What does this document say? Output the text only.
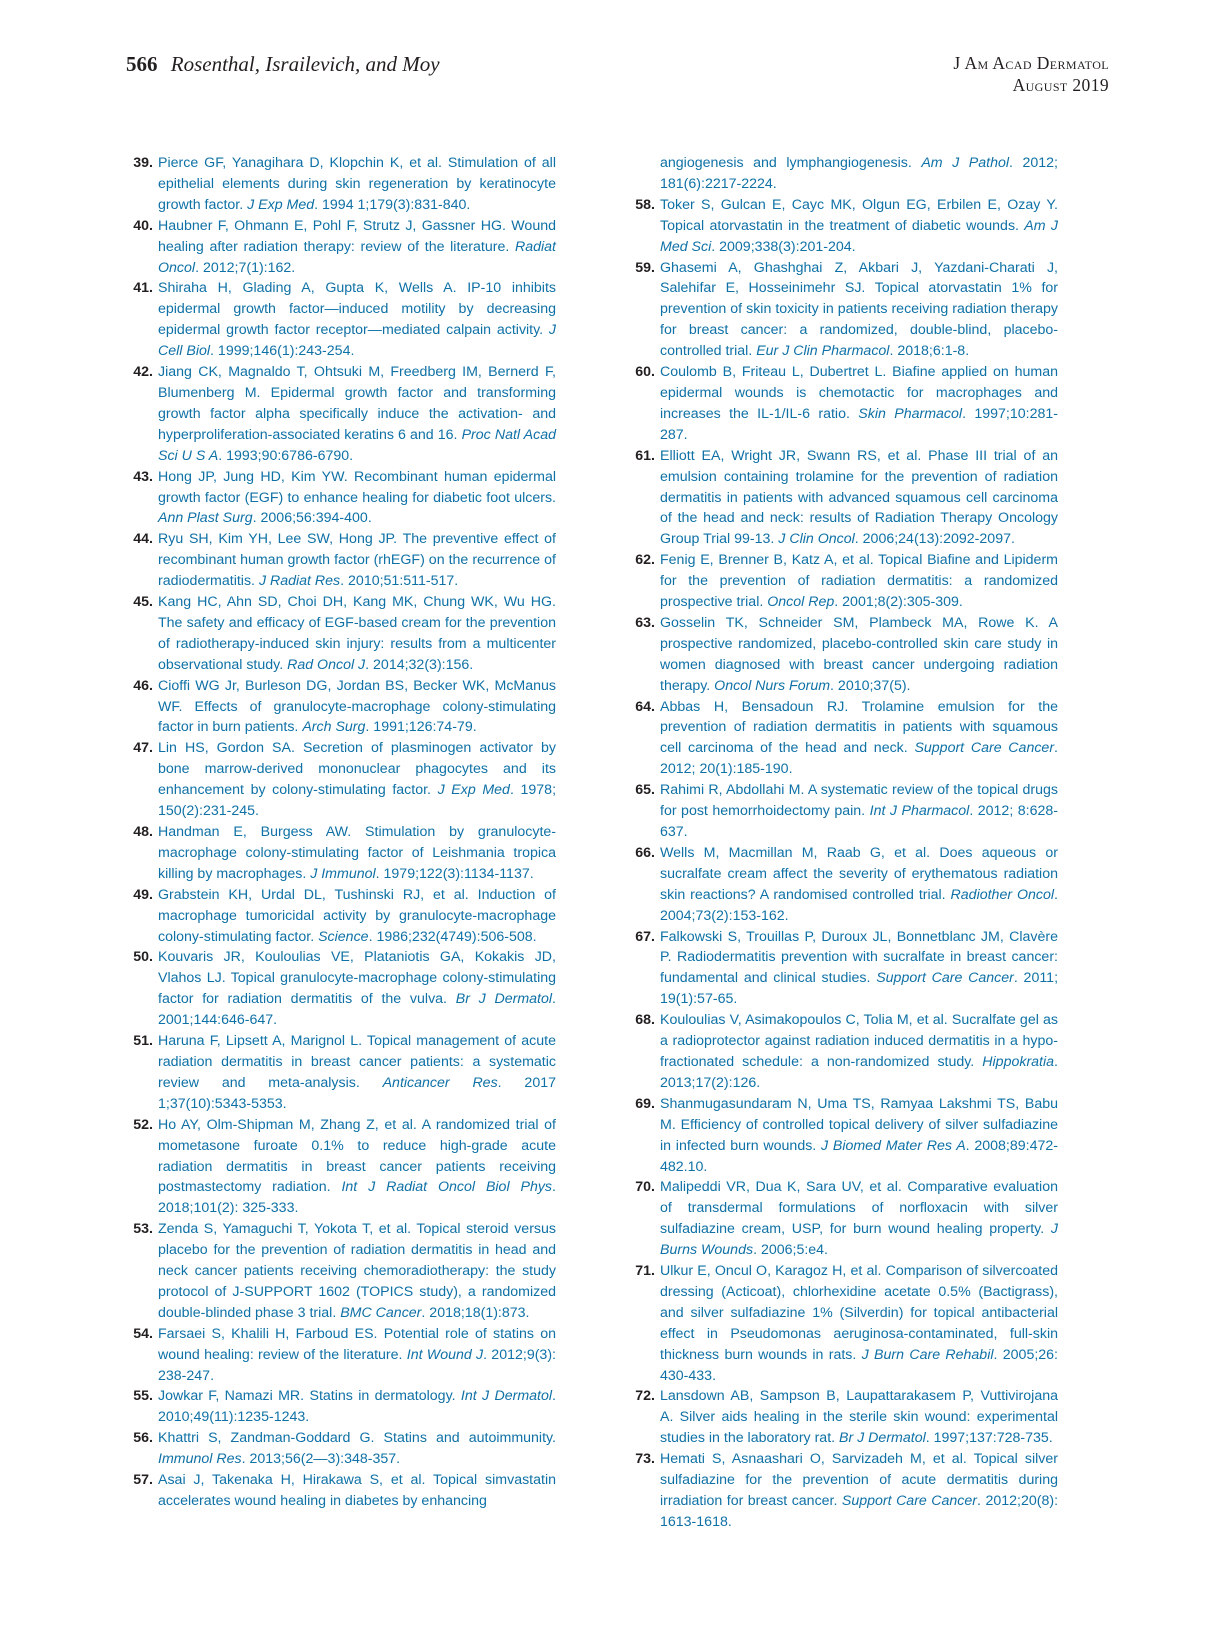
566 Rosenthal, Israilevich, and Moy	J Am Acad Dermatol
August 2019

39. Pierce GF, Yanagihara D, Klopchin K, et al. Stimulation of all epithelial elements during skin regeneration by keratinocyte growth factor. J Exp Med. 1994 1;179(3):831-840.

40. Haubner F, Ohmann E, Pohl F, Strutz J, Gassner HG. Wound healing after radiation therapy: review of the literature. Radiat Oncol. 2012;7(1):162.

41. Shiraha H, Glading A, Gupta K, Wells A. IP-10 inhibits epidermal growth factor—induced motility by decreasing epidermal growth factor receptor—mediated calpain activity. J Cell Biol. 1999;146(1):243-254.

42. Jiang CK, Magnaldo T, Ohtsuki M, Freedberg IM, Bernerd F, Blumenberg M. Epidermal growth factor and transforming growth factor alpha specifically induce the activation- and hyperproliferation-associated keratins 6 and 16. Proc Natl Acad Sci U S A. 1993;90:6786-6790.

43. Hong JP, Jung HD, Kim YW. Recombinant human epidermal growth factor (EGF) to enhance healing for diabetic foot ulcers. Ann Plast Surg. 2006;56:394-400.

44. Ryu SH, Kim YH, Lee SW, Hong JP. The preventive effect of recombinant human growth factor (rhEGF) on the recurrence of radiodermatitis. J Radiat Res. 2010;51:511-517.

45. Kang HC, Ahn SD, Choi DH, Kang MK, Chung WK, Wu HG. The safety and efficacy of EGF-based cream for the prevention of radiotherapy-induced skin injury: results from a multicenter observational study. Rad Oncol J. 2014;32(3):156.

46. Cioffi WG Jr, Burleson DG, Jordan BS, Becker WK, McManus WF. Effects of granulocyte-macrophage colony-stimulating factor in burn patients. Arch Surg. 1991;126:74-79.

47. Lin HS, Gordon SA. Secretion of plasminogen activator by bone marrow-derived mononuclear phagocytes and its enhancement by colony-stimulating factor. J Exp Med. 1978; 150(2):231-245.

48. Handman E, Burgess AW. Stimulation by granulocyte-macrophage colony-stimulating factor of Leishmania tropica killing by macrophages. J Immunol. 1979;122(3):1134-1137.

49. Grabstein KH, Urdal DL, Tushinski RJ, et al. Induction of macrophage tumoricidal activity by granulocyte-macrophage colony-stimulating factor. Science. 1986;232(4749):506-508.

50. Kouvaris JR, Kouloulias VE, Plataniotis GA, Kokakis JD, Vlahos LJ. Topical granulocyte-macrophage colony-stimulating factor for radiation dermatitis of the vulva. Br J Dermatol. 2001;144:646-647.

51. Haruna F, Lipsett A, Marignol L. Topical management of acute radiation dermatitis in breast cancer patients: a systematic review and meta-analysis. Anticancer Res. 2017 1;37(10):5343-5353.

52. Ho AY, Olm-Shipman M, Zhang Z, et al. A randomized trial of mometasone furoate 0.1% to reduce high-grade acute radiation dermatitis in breast cancer patients receiving postmastectomy radiation. Int J Radiat Oncol Biol Phys. 2018;101(2): 325-333.

53. Zenda S, Yamaguchi T, Yokota T, et al. Topical steroid versus placebo for the prevention of radiation dermatitis in head and neck cancer patients receiving chemoradiotherapy: the study protocol of J-SUPPORT 1602 (TOPICS study), a randomized double-blinded phase 3 trial. BMC Cancer. 2018;18(1):873.

54. Farsaei S, Khalili H, Farboud ES. Potential role of statins on wound healing: review of the literature. Int Wound J. 2012;9(3): 238-247.

55. Jowkar F, Namazi MR. Statins in dermatology. Int J Dermatol. 2010;49(11):1235-1243.

56. Khattri S, Zandman-Goddard G. Statins and autoimmunity. Immunol Res. 2013;56(2—3):348-357.

57. Asai J, Takenaka H, Hirakawa S, et al. Topical simvastatin accelerates wound healing in diabetes by enhancing

angiogenesis and lymphangiogenesis. Am J Pathol. 2012; 181(6):2217-2224.

58. Toker S, Gulcan E, Cayc MK, Olgun EG, Erbilen E, Ozay Y. Topical atorvastatin in the treatment of diabetic wounds. Am J Med Sci. 2009;338(3):201-204.

59. Ghasemi A, Ghashghai Z, Akbari J, Yazdani-Charati J, Salehifar E, Hosseinimehr SJ. Topical atorvastatin 1% for prevention of skin toxicity in patients receiving radiation therapy for breast cancer: a randomized, double-blind, placebo-controlled trial. Eur J Clin Pharmacol. 2018;6:1-8.

60. Coulomb B, Friteau L, Dubertret L. Biafine applied on human epidermal wounds is chemotactic for macrophages and increases the IL-1/IL-6 ratio. Skin Pharmacol. 1997;10:281-287.

61. Elliott EA, Wright JR, Swann RS, et al. Phase III trial of an emulsion containing trolamine for the prevention of radiation dermatitis in patients with advanced squamous cell carcinoma of the head and neck: results of Radiation Therapy Oncology Group Trial 99-13. J Clin Oncol. 2006;24(13):2092-2097.

62. Fenig E, Brenner B, Katz A, et al. Topical Biafine and Lipiderm for the prevention of radiation dermatitis: a randomized prospective trial. Oncol Rep. 2001;8(2):305-309.

63. Gosselin TK, Schneider SM, Plambeck MA, Rowe K. A prospective randomized, placebo-controlled skin care study in women diagnosed with breast cancer undergoing radiation therapy. Oncol Nurs Forum. 2010;37(5).

64. Abbas H, Bensadoun RJ. Trolamine emulsion for the prevention of radiation dermatitis in patients with squamous cell carcinoma of the head and neck. Support Care Cancer. 2012; 20(1):185-190.

65. Rahimi R, Abdollahi M. A systematic review of the topical drugs for post hemorrhoidectomy pain. Int J Pharmacol. 2012; 8:628-637.

66. Wells M, Macmillan M, Raab G, et al. Does aqueous or sucralfate cream affect the severity of erythematous radiation skin reactions? A randomised controlled trial. Radiother Oncol. 2004;73(2):153-162.

67. Falkowski S, Trouillas P, Duroux JL, Bonnetblanc JM, Clavère P. Radiodermatitis prevention with sucralfate in breast cancer: fundamental and clinical studies. Support Care Cancer. 2011; 19(1):57-65.

68. Kouloulias V, Asimakopoulos C, Tolia M, et al. Sucralfate gel as a radioprotector against radiation induced dermatitis in a hypo-fractionated schedule: a non-randomized study. Hippokratia. 2013;17(2):126.

69. Shanmugasundaram N, Uma TS, Ramyaa Lakshmi TS, Babu M. Efficiency of controlled topical delivery of silver sulfadiazine in infected burn wounds. J Biomed Mater Res A. 2008;89:472-482.10.

70. Malipeddi VR, Dua K, Sara UV, et al. Comparative evaluation of transdermal formulations of norfloxacin with silver sulfadiazine cream, USP, for burn wound healing property. J Burns Wounds. 2006;5:e4.

71. Ulkur E, Oncul O, Karagoz H, et al. Comparison of silvercoated dressing (Acticoat), chlorhexidine acetate 0.5% (Bactigrass), and silver sulfadiazine 1% (Silverdin) for topical antibacterial effect in Pseudomonas aeruginosa-contaminated, full-skin thickness burn wounds in rats. J Burn Care Rehabil. 2005;26: 430-433.

72. Lansdown AB, Sampson B, Laupattarakasem P, Vuttivirojana A. Silver aids healing in the sterile skin wound: experimental studies in the laboratory rat. Br J Dermatol. 1997;137:728-735.

73. Hemati S, Asnaashari O, Sarvizadeh M, et al. Topical silver sulfadiazine for the prevention of acute dermatitis during irradiation for breast cancer. Support Care Cancer. 2012;20(8): 1613-1618.
